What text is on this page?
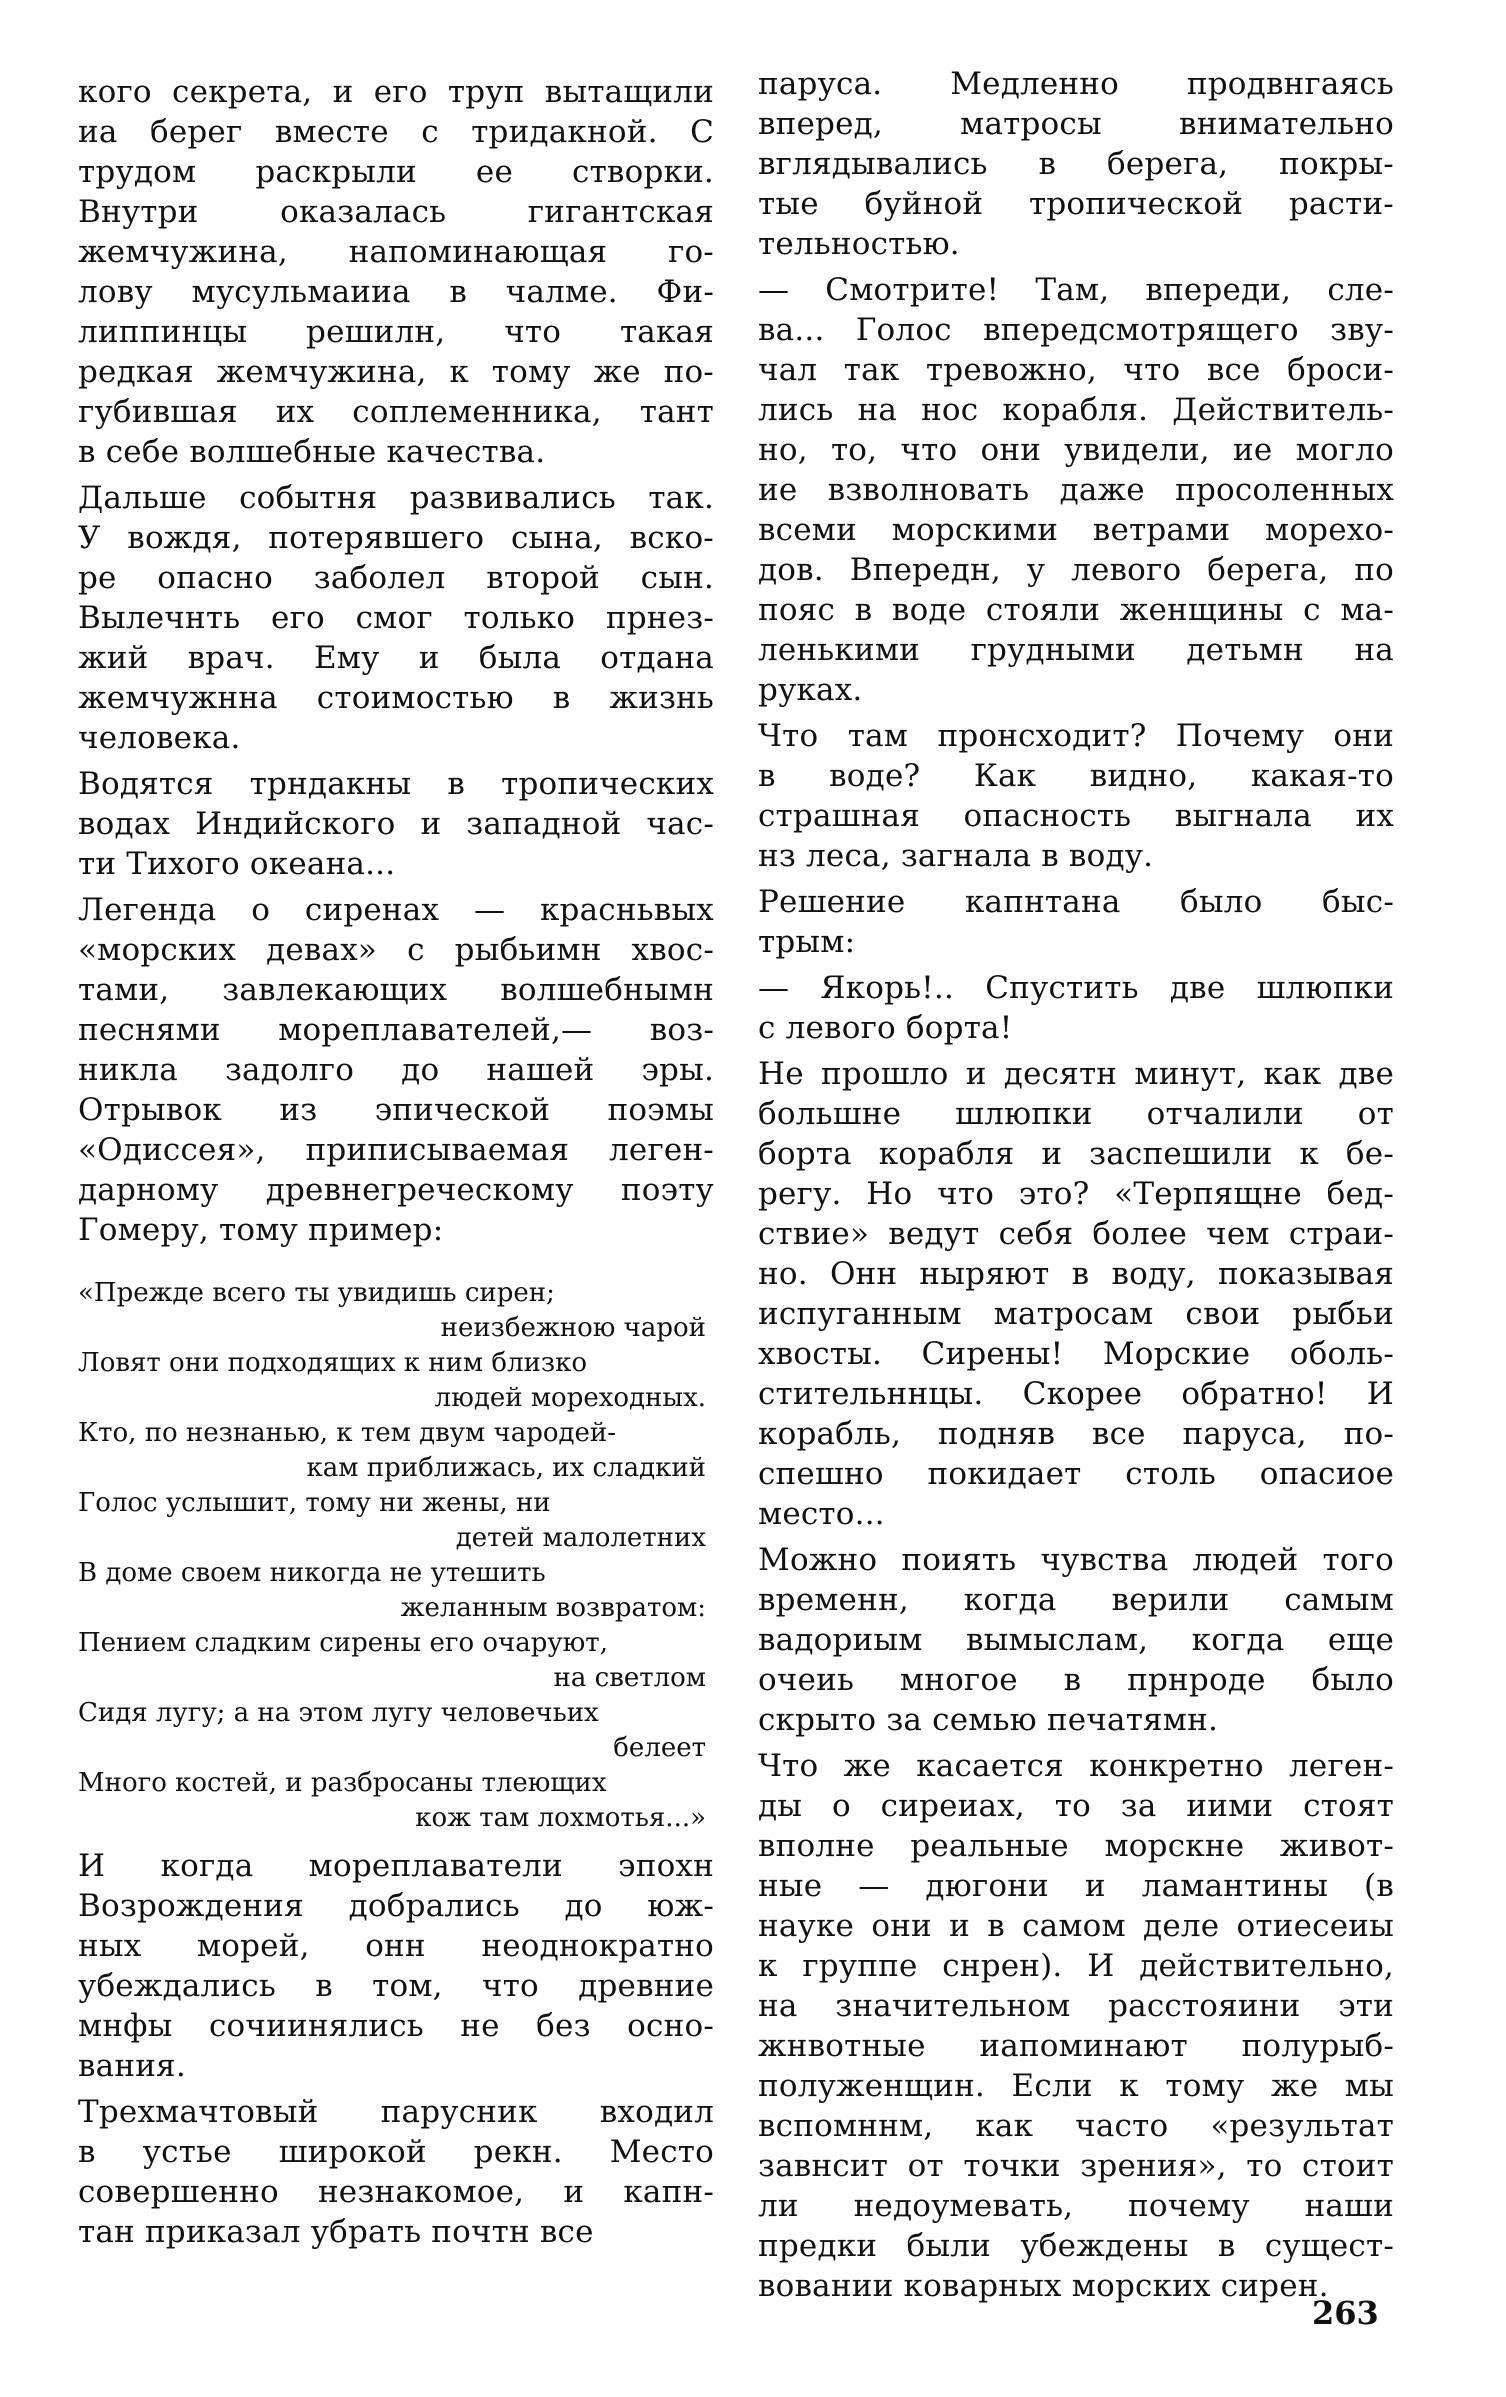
кого секрета, и его труп вытащили
иа берег вместе с тридакной. С
трудом раскрыли ее створки.
Внутри оказалась гигантская
жемчужина, напоминающая го-
лову мусульмаииа в чалме. Фи-
липпинцы решилн, что такая
редкая жемчужина, к тому же по-
губившая их соплеменника, тант
в себе волшебные качества.
Дальше событня развивались так.
У вождя, потерявшего сына, вско-
ре опасно заболел второй сын.
Вылечнть его смог только прнез-
жий врач. Ему и была отдана
жемчужнна стоимостью в жизнь
человека.
Водятся трндакны в тропических
водах Индийского и западной час-
ти Тихого океана...
Легенда о сиренах — красньвых
«морских девах» с рыбьимн хвос-
тами, завлекающих волшебнымн
песнями мореплавателей,— воз-
никла задолго до нашей эры.
Отрывок из эпической поэмы
«Одиссея», приписываемая леген-
дарному древнегреческому поэту
Гомеру, тому пример:
«Прежде всего ты увидишь сирен;
неизбежною чарой
Ловят они подходящих к ним близко
людей мореходных.
Кто, по незнанью, к тем двум чародей-
кам приближась, их сладкий
Голос услышит, тому ни жены, ни
детей малолетних
В доме своем никогда не утешить
желанным возвратом:
Пением сладким сирены его очаруют,
на светлом
Сидя лугу; а на этом лугу человечьих
белеет
Много костей, и разбросаны тлеющих
кож там лохмотья...»
И когда мореплаватели эпохн
Возрождения добрались до юж-
ных морей, онн неоднократно
убеждались в том, что древние
мнфы сочиинялись не без осно-
вания.
Трехмачтовый парусник входил
в устье широкой рекн. Место
совершенно незнакомое, и капн-
тан приказал убрать почтн все
паруса. Медленно продвнгаясь
вперед, матросы внимательно
вглядывались в берега, покры-
тые буйной тропической расти-
тельностью.
— Смотрите! Там, впереди, сле-
ва... Голос впередсмотрящего зву-
чал так тревожно, что все броси-
лись на нос корабля. Действитель-
но, то, что они увидели, ие могло
ие взволновать даже просоленных
всеми морскими ветрами морехо-
дов. Впередн, у левого берега, по
пояс в воде стояли женщины с ма-
ленькими грудными детьмн на
руках.
Что там прoнсходит? Почему они
в воде? Как видно, какая-то
страшная опасность выгнала их
нз леса, загнала в воду.
Решение капнтана было быс-
трым:
— Якорь!.. Спустить две шлюпки
с левого борта!
Не прошло и десятн минут, как две
большне шлюпки отчалили от
борта корабля и заспешили к бе-
регу. Но что это? «Терпящне бед-
ствие» ведут себя более чем страи-
но. Онн ныряют в воду, показывая
испуганным матросам свои рыбьи
хвосты. Сирены! Морские оболь-
стительннцы. Скорее обратно! И
корабль, подняв все паруса, по-
спешно покидает столь опасиое
место...
Можно поиять чувства людей того
временн, когда верили самым
вадориым вымыслам, когда еще
очеиь многое в прнроде было
скрыто за семью печатямн.
Что же касается конкретно леген-
ды о сиреиах, то за иими стоят
вполне реальные морскне живот-
ные — дюгони и ламантины (в
науке они и в самом деле отиесеиы
к группе снрен). И действительно,
на значительном расстояини эти
жнвотные иапоминают полурыб-
полуженщин. Если к тому же мы
вспомннм, как часто «результат
завнсит от точки зрения», то стоит
ли недоумевать, почему наши
предки были убеждены в сущест-
вовании коварных морских сирен.
263
